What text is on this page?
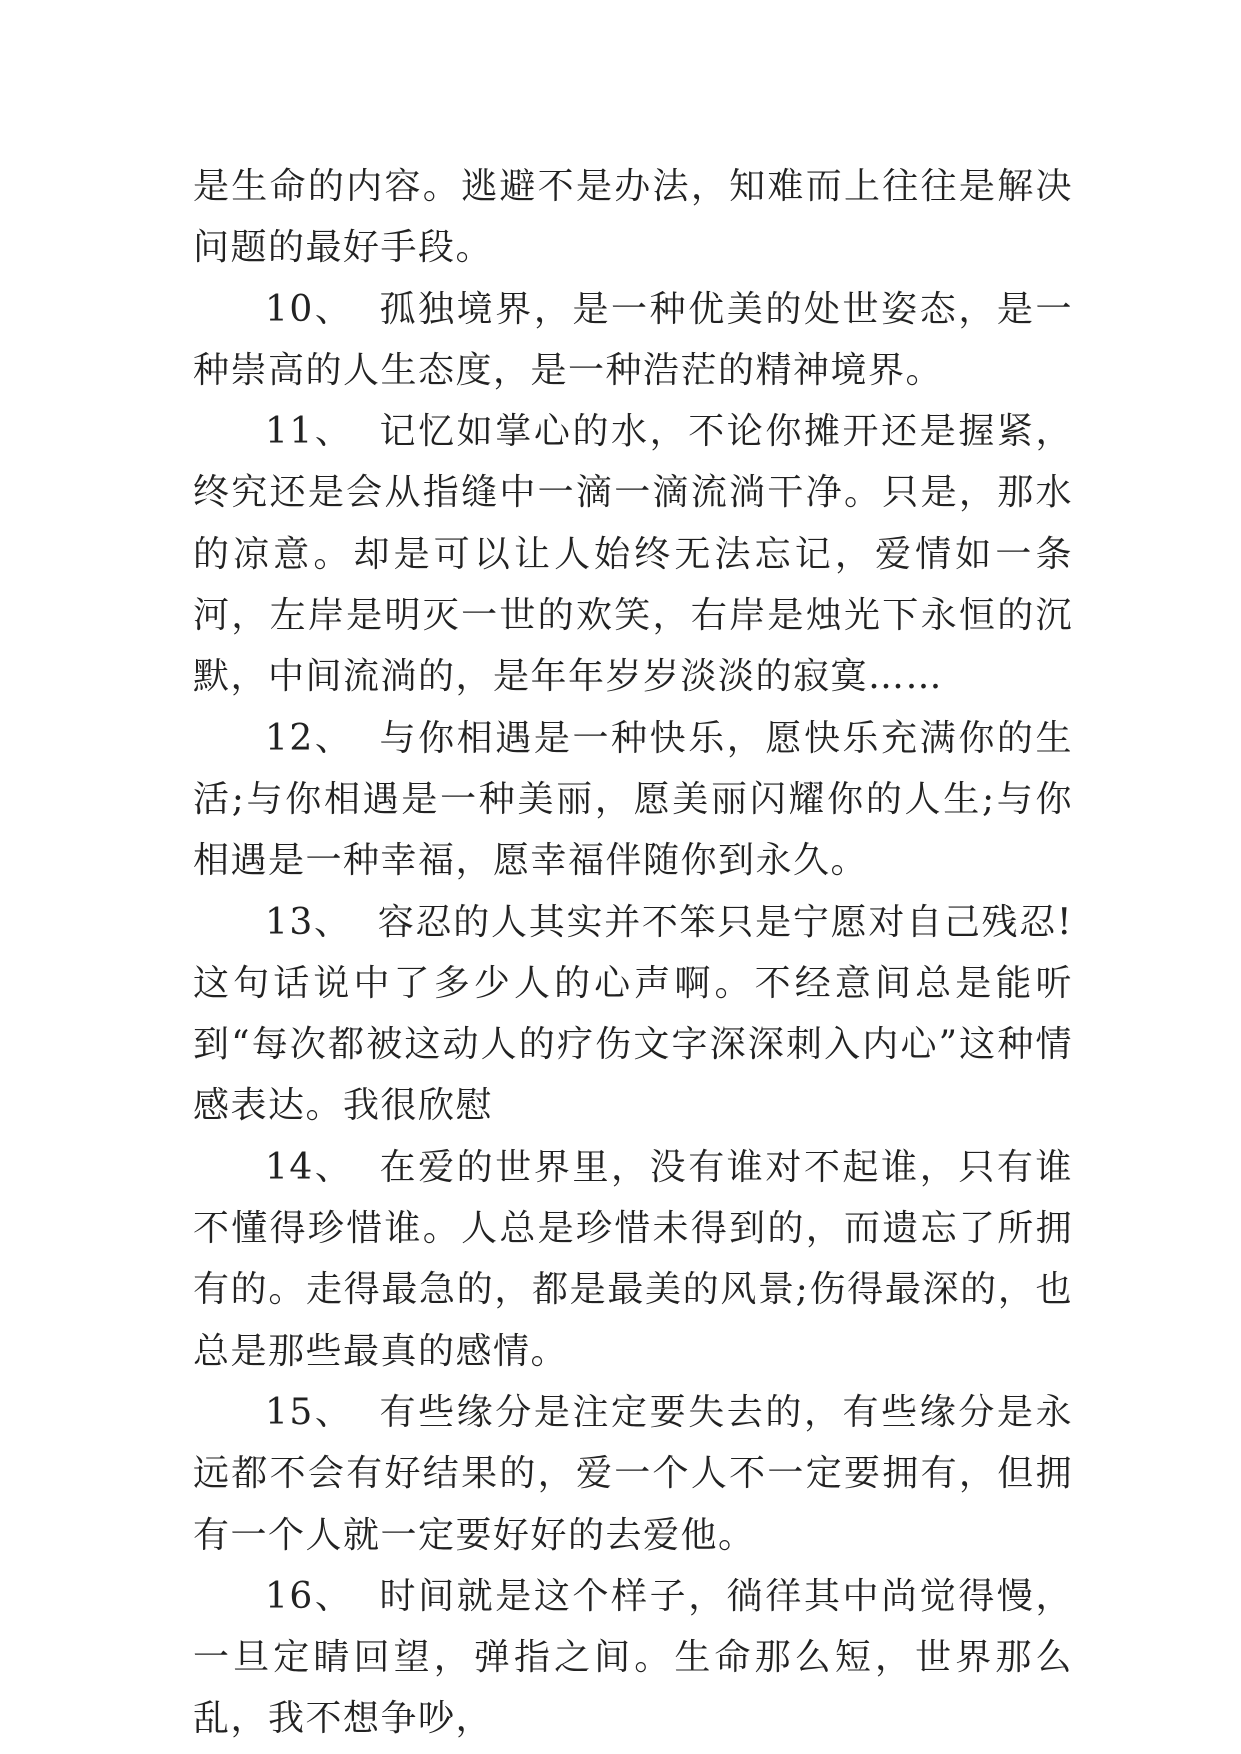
是生命的内容。逃避不是办法，知难而上往往是解决问题的最好手段。

10、 孤独境界，是一种优美的处世姿态，是一种崇高的人生态度，是一种浩茫的精神境界。

11、 记忆如掌心的水，不论你摊开还是握紧，终究还是会从指缝中一滴一滴流淌干净。只是，那水的凉意。却是可以让人始终无法忘记，爱情如一条河，左岸是明灭一世的欢笑，右岸是烛光下永恒的沉默，中间流淌的，是年年岁岁淡淡的寂寞……

12、 与你相遇是一种快乐，愿快乐充满你的生活;与你相遇是一种美丽，愿美丽闪耀你的人生;与你相遇是一种幸福，愿幸福伴随你到永久。

13、 容忍的人其实并不笨只是宁愿对自己残忍!这句话说中了多少人的心声啊。不经意间总是能听到“每次都被这动人的疗伤文字深深刺入内心”这种情感表达。我很欣慰

14、 在爱的世界里，没有谁对不起谁，只有谁不懂得珍惜谁。人总是珍惜未得到的，而遗忘了所拥有的。走得最急的，都是最美的风景;伤得最深的，也总是那些最真的感情。

15、 有些缘分是注定要失去的，有些缘分是永远都不会有好结果的，爱一个人不一定要拥有，但拥有一个人就一定要好好的去爱他。

16、 时间就是这个样子，徜徉其中尚觉得慢，一旦定睛回望，弹指之间。生命那么短，世界那么乱，我不想争吵，
